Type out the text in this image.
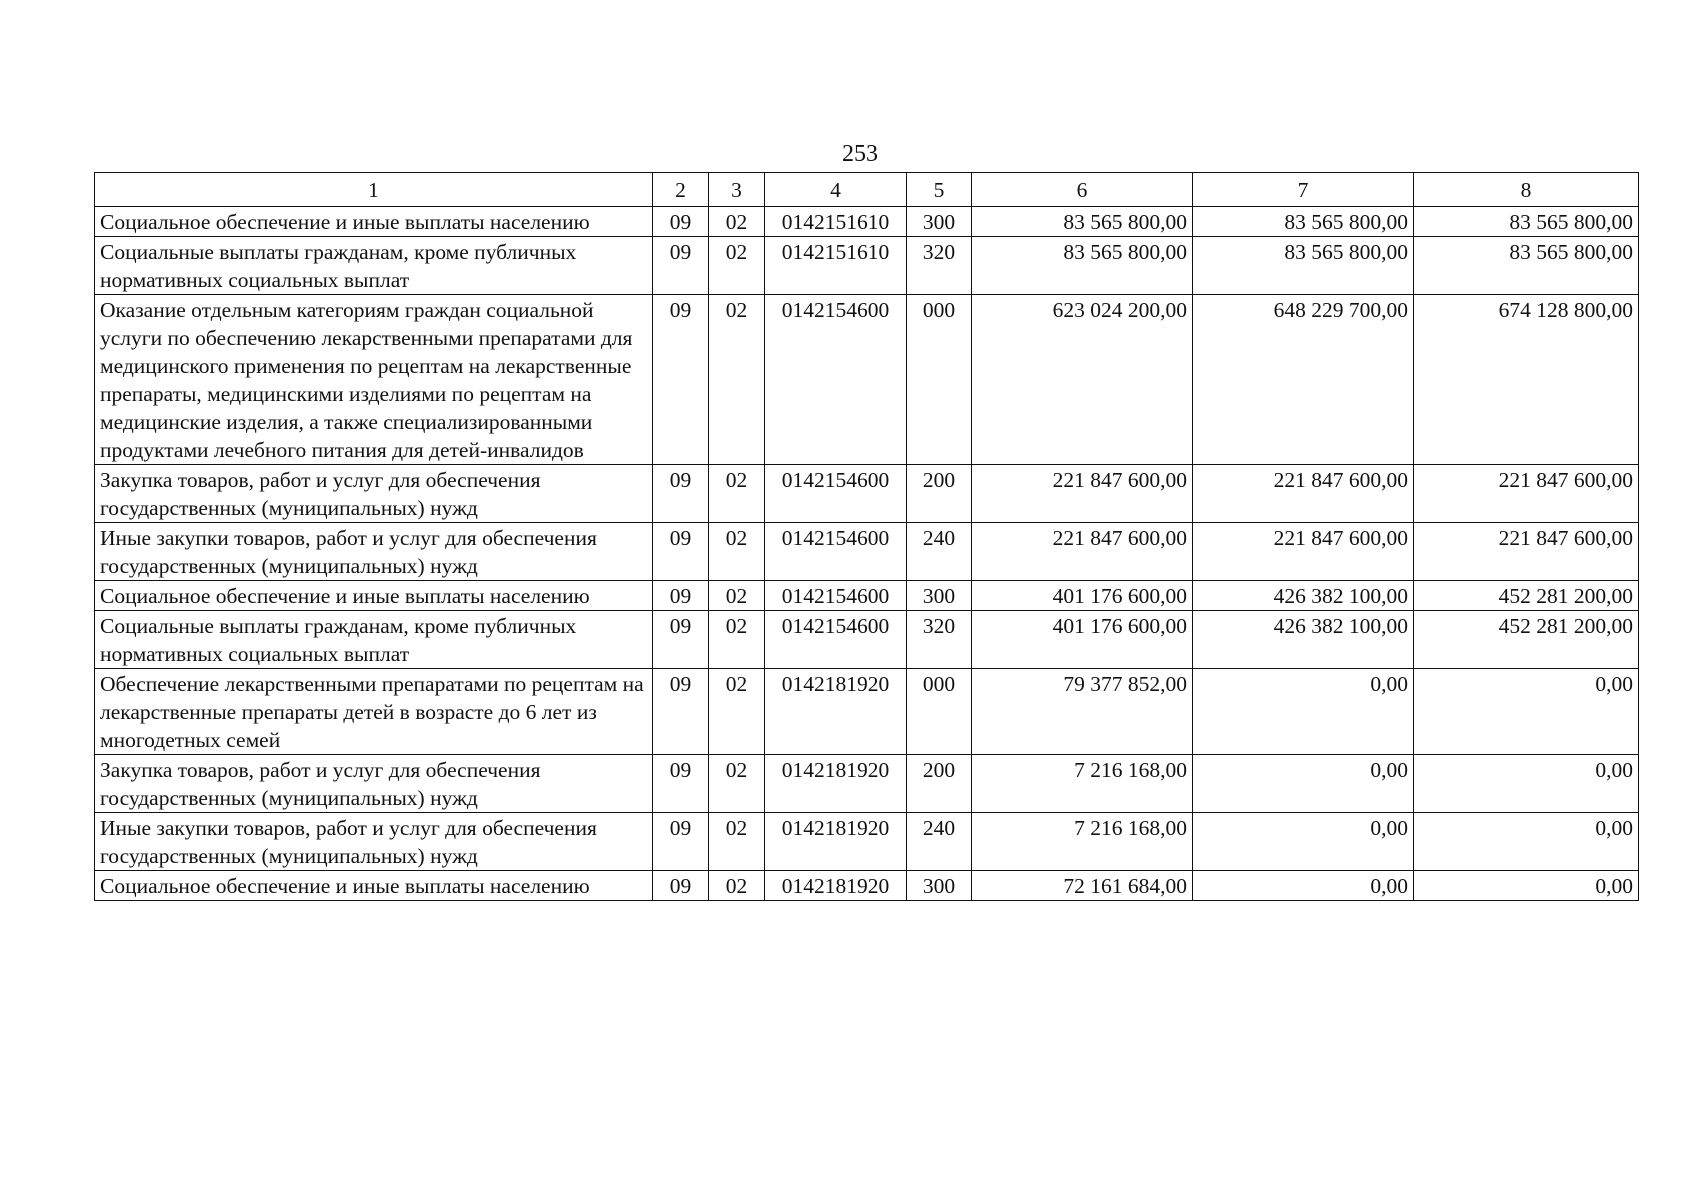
253
1	2	3	4	5	6	7	8
Социальное обеспечение и иные выплаты населению	09	02	0142151610	300	83 565 800,00	83 565 800,00	83 565 800,00
Социальные выплаты гражданам, кроме публичных нормативных социальных выплат	09	02	0142151610	320	83 565 800,00	83 565 800,00	83 565 800,00
Оказание отдельным категориям граждан социальной услуги по обеспечению лекарственными препаратами для медицинского применения по рецептам на лекарственные препараты, медицинскими изделиями по рецептам на медицинские изделия, а также специализированными продуктами лечебного питания для детей-инвалидов	09	02	0142154600	000	623 024 200,00	648 229 700,00	674 128 800,00
Закупка товаров, работ и услуг для обеспечения государственных (муниципальных) нужд	09	02	0142154600	200	221 847 600,00	221 847 600,00	221 847 600,00
Иные закупки товаров, работ и услуг для обеспечения государственных (муниципальных) нужд	09	02	0142154600	240	221 847 600,00	221 847 600,00	221 847 600,00
Социальное обеспечение и иные выплаты населению	09	02	0142154600	300	401 176 600,00	426 382 100,00	452 281 200,00
Социальные выплаты гражданам, кроме публичных нормативных социальных выплат	09	02	0142154600	320	401 176 600,00	426 382 100,00	452 281 200,00
Обеспечение лекарственными препаратами по рецептам на лекарственные препараты детей в возрасте до 6 лет из многодетных семей	09	02	0142181920	000	79 377 852,00	0,00	0,00
Закупка товаров, работ и услуг для обеспечения государственных (муниципальных) нужд	09	02	0142181920	200	7 216 168,00	0,00	0,00
Иные закупки товаров, работ и услуг для обеспечения государственных (муниципальных) нужд	09	02	0142181920	240	7 216 168,00	0,00	0,00
Социальное обеспечение и иные выплаты населению	09	02	0142181920	300	72 161 684,00	0,00	0,00
